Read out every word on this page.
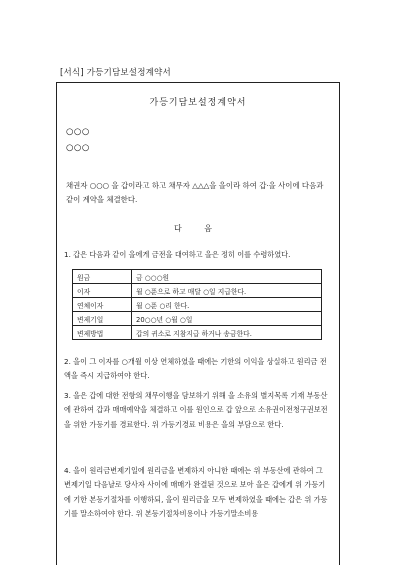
[서식] 가등기담보설정계약서
가등기담보설정계약서
○○○
○○○
채권자 ○○○ 을 갑이라고 하고 채무자 △△△을 을이라 하여 갑·을 사이에 다음과 같이 계약을 체결한다.
다 음
1. 갑은 다음과 같이 을에게 금전을 대여하고 을은 정히 이를 수령하였다.
원금	금 ○○○원
이자	월 ○푼으로 하고 매달 ○일 지급한다.
연체이자	월 ○푼 ○리 한다.
변제기일	20○○년 ○월 ○일
변제방법	갑의 귀소로 지참지급 하거나 송금한다.
2. 을이 그 이자를 ○개월 이상 연체하였을 때에는 기한의 이익을 상실하고 원리금 전액을 즉시 지급하여야 한다.
3. 을은 갑에 대한 전항의 채무이행을 담보하기 위해 을 소유의 별지목록 기재 부동산에 관하여 갑과 매매예약을 체결하고 이를 원인으로 갑 앞으로 소유권이전청구권보전을 위한 가등기를 경료한다. 위 가등기경료 비용은 을의 부담으로 한다.
4. 을이 원리금변제기일에 원리금을 변제하지 아니한 때에는 위 부동산에 관하여 그 변제기일 다음날로 당사자 사이에 매매가 완결된 것으로 보아 을은 갑에게 위 가등기에 기한 본등기절차를 이행하되, 을이 원리금을 모두 변제하였을 때에는 갑은 위 가등기를 말소하여야 한다. 위 본등기절차비용이나 가등기말소비용
